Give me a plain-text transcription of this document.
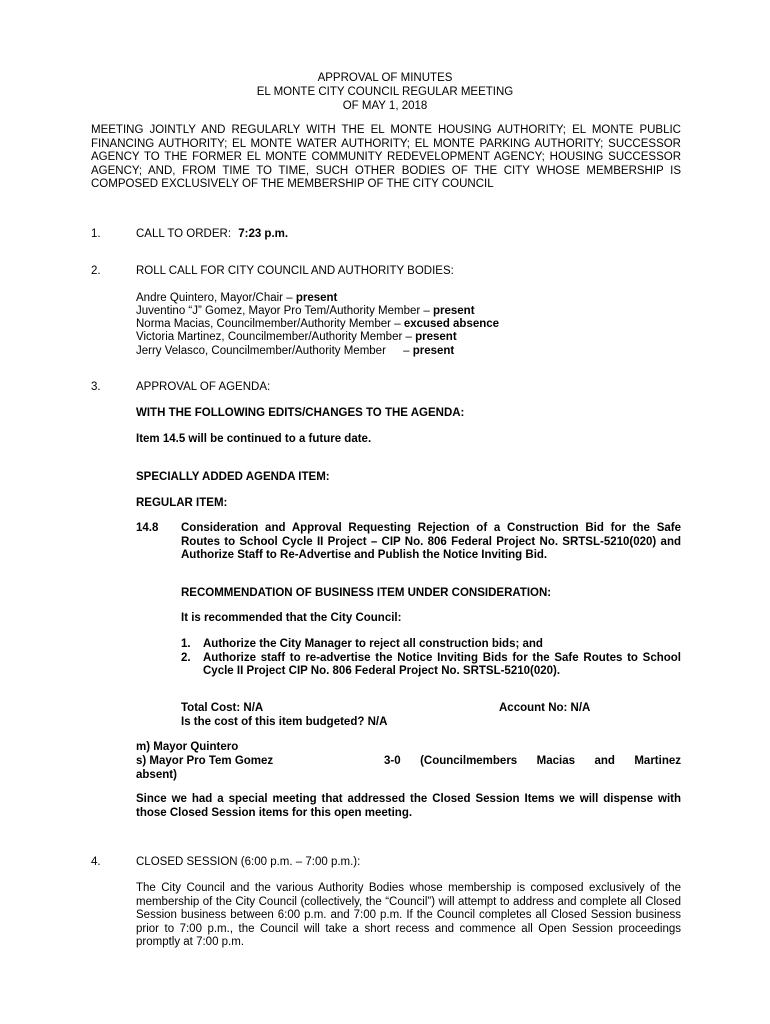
APPROVAL OF MINUTES
EL MONTE CITY COUNCIL REGULAR MEETING
OF MAY 1, 2018
MEETING JOINTLY AND REGULARLY WITH THE EL MONTE HOUSING AUTHORITY; EL MONTE PUBLIC FINANCING AUTHORITY; EL MONTE WATER AUTHORITY; EL MONTE PARKING AUTHORITY; SUCCESSOR AGENCY TO THE FORMER EL MONTE COMMUNITY REDEVELOPMENT AGENCY; HOUSING SUCCESSOR AGENCY; AND, FROM TIME TO TIME, SUCH OTHER BODIES OF THE CITY WHOSE MEMBERSHIP IS COMPOSED EXCLUSIVELY OF THE MEMBERSHIP OF THE CITY COUNCIL
1.	CALL TO ORDER: 7:23 p.m.
2.	ROLL CALL FOR CITY COUNCIL AND AUTHORITY BODIES:
Andre Quintero, Mayor/Chair – present
Juventino “J” Gomez, Mayor Pro Tem/Authority Member – present
Norma Macias, Councilmember/Authority Member – excused absence
Victoria Martinez, Councilmember/Authority Member – present
Jerry Velasco, Councilmember/Authority Member – present
3.	APPROVAL OF AGENDA:
WITH THE FOLLOWING EDITS/CHANGES TO THE AGENDA:
Item 14.5 will be continued to a future date.
SPECIALLY ADDED AGENDA ITEM:
REGULAR ITEM:
14.8 Consideration and Approval Requesting Rejection of a Construction Bid for the Safe Routes to School Cycle II Project – CIP No. 806 Federal Project No. SRTSL-5210(020) and Authorize Staff to Re-Advertise and Publish the Notice Inviting Bid.
RECOMMENDATION OF BUSINESS ITEM UNDER CONSIDERATION:
It is recommended that the City Council:
1. Authorize the City Manager to reject all construction bids; and
2. Authorize staff to re-advertise the Notice Inviting Bids for the Safe Routes to School Cycle II Project CIP No. 806 Federal Project No. SRTSL-5210(020).
Total Cost: N/A	Account No: N/A
Is the cost of this item budgeted? N/A
m) Mayor Quintero
s) Mayor Pro Tem Gomez	3-0 (Councilmembers Macias and Martinez
absent)
Since we had a special meeting that addressed the Closed Session Items we will dispense with those Closed Session items for this open meeting.
4.	CLOSED SESSION (6:00 p.m. – 7:00 p.m.):
The City Council and the various Authority Bodies whose membership is composed exclusively of the membership of the City Council (collectively, the “Council”) will attempt to address and complete all Closed Session business between 6:00 p.m. and 7:00 p.m. If the Council completes all Closed Session business prior to 7:00 p.m., the Council will take a short recess and commence all Open Session proceedings promptly at 7:00 p.m.
